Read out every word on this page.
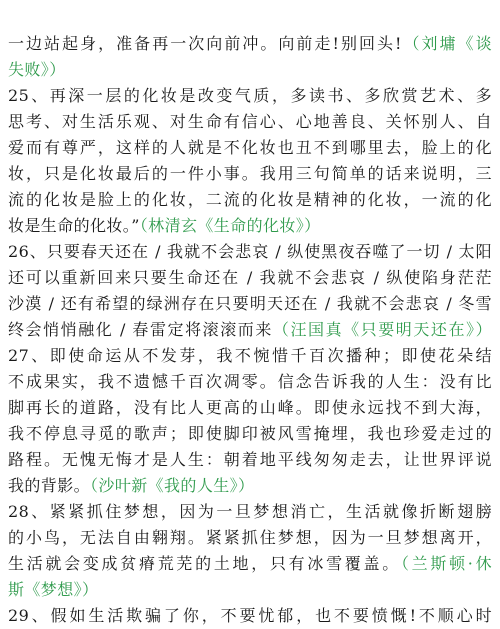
一边站起身，准备再一次向前冲。向前走!别回头!（刘墉《谈
失败》）
25、再深一层的化妆是改变气质，多读书、多欣赏艺术、多
思考、对生活乐观、对生命有信心、心地善良、关怀别人、自
爱而有尊严，这样的人就是不化妆也丑不到哪里去，脸上的化
妆，只是化妆最后的一件小事。我用三句简单的话来说明，三
流的化妆是脸上的化妆，二流的化妆是精神的化妆，一流的化
妆是生命的化妆。”（林清玄《生命的化妆》）
26、只要春天还在 / 我就不会悲哀 / 纵使黑夜吞噬了一切 / 太阳
还可以重新回来只要生命还在 / 我就不会悲哀 / 纵使陷身茫茫
沙漠 / 还有希望的绿洲存在只要明天还在 / 我就不会悲哀 / 冬雪
终会悄悄融化 / 春雷定将滚滚而来（汪国真《只要明天还在》）
27、即使命运从不发芽，我不惋惜千百次播种；即使花朵结
不成果实，我不遗憾千百次凋零。信念告诉我的人生：没有比
脚再长的道路，没有比人更高的山峰。即使永远找不到大海，
我不停息寻觅的歌声；即使脚印被风雪掩埋，我也珍爱走过的
路程。无愧无悔才是人生：朝着地平线匆匆走去，让世界评说
我的背影。（沙叶新《我的人生》）
28、紧紧抓住梦想，因为一旦梦想消亡，生活就像折断翅膀
的小鸟，无法自由翱翔。紧紧抓住梦想，因为一旦梦想离开，
生活就会变成贫瘠荒芜的土地，只有冰雪覆盖。（兰斯顿·休
斯《梦想》）
29、假如生活欺骗了你，不要忧郁，也不要愤慨!不顺心时
